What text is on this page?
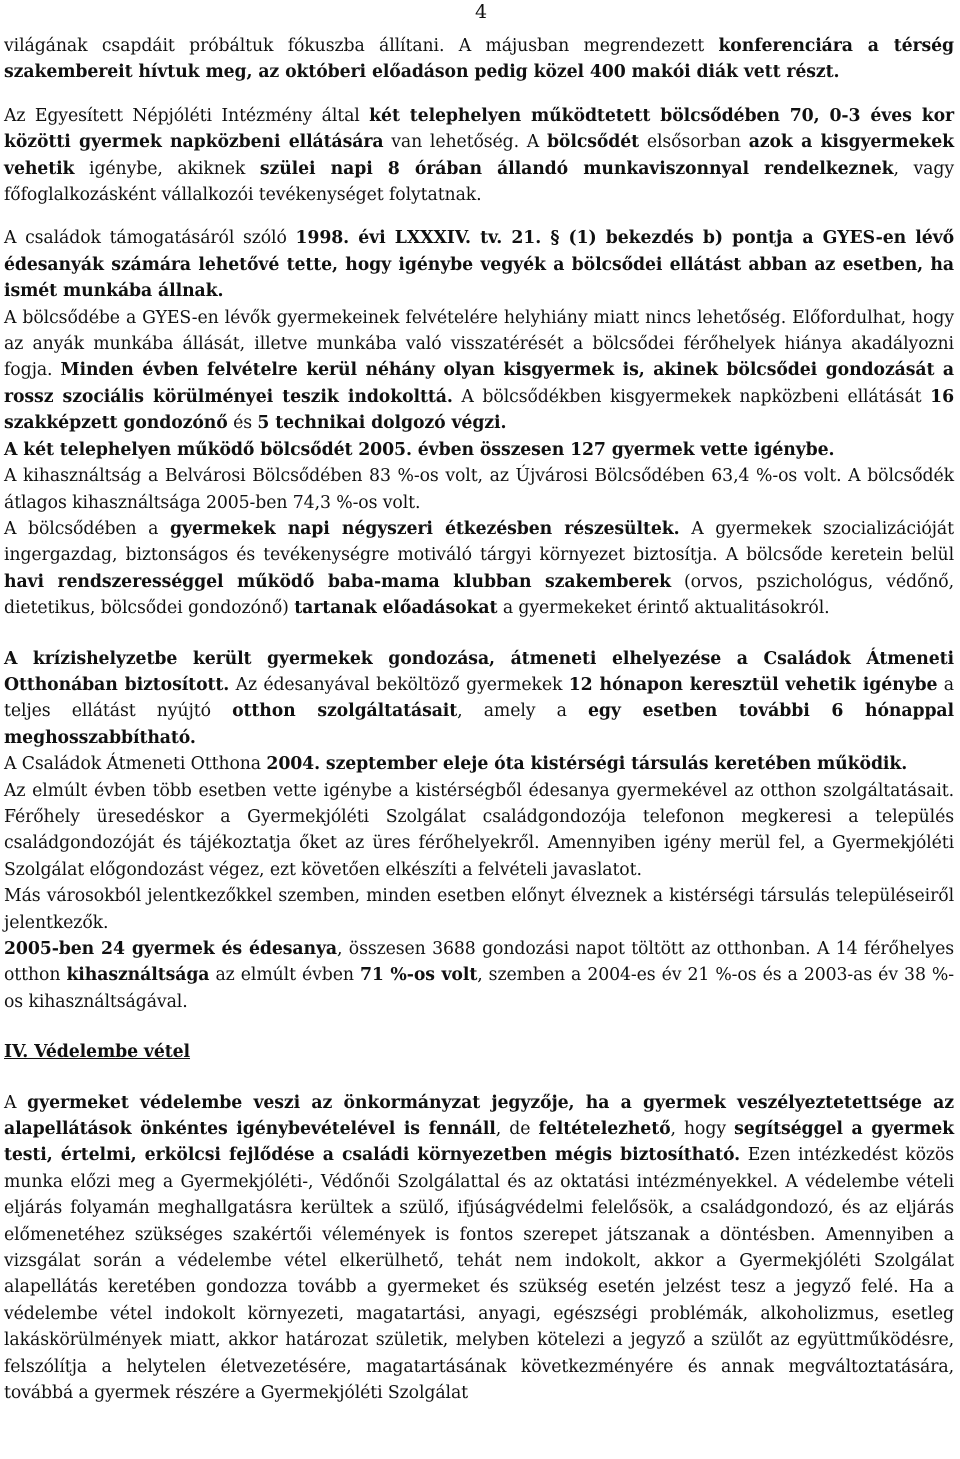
4

világának csapdáit próbáltuk fókuszba állítani. A májusban megrendezett konferenciára a térség szakembereit hívtuk meg, az októberi előadáson pedig közel 400 makói diák vett részt.

Az Egyesített Népjóléti Intézmény által két telephelyen működtetett bölcsődében 70, 0-3 éves kor közötti gyermek napközbeni ellátására van lehetőség. A bölcsődét elsősorban azok a kisgyermekek vehetik igénybe, akiknek szülei napi 8 órában állandó munkaviszonnyal rendelkeznek, vagy főfoglalkozásként vállalkozói tevékenységet folytatnak.

A családok támogatásáról szóló 1998. évi LXXXIV. tv. 21. § (1) bekezdés b) pontja a GYES-en lévő édesanyák számára lehetővé tette, hogy igénybe vegyék a bölcsődei ellátást abban az esetben, ha ismét munkába állnak.

A bölcsődébe a GYES-en lévők gyermekeinek felvételére helyhiány miatt nincs lehetőség. Előfordulhat, hogy az anyák munkába állását, illetve munkába való visszatérését a bölcsődei férőhelyek hiánya akadályozni fogja. Minden évben felvételre kerül néhány olyan kisgyermek is, akinek bölcsődei gondozását a rossz szociális körülményei teszik indokolttá. A bölcsődékben kisgyermekek napközbeni ellátását 16 szakképzett gondozónő és 5 technikai dolgozó végzi.

A két telephelyen működő bölcsődét 2005. évben összesen 127 gyermek vette igénybe.

A kihasználtság a Belvárosi Bölcsődében 83 %-os volt, az Újvárosi Bölcsődében 63,4 %-os volt. A bölcsődék átlagos kihasználtsága 2005-ben 74,3 %-os volt.

A bölcsődében a gyermekek napi négyszeri étkezésben részesültek. A gyermekek szocializációját ingergazdag, biztonságos és tevékenységre motiváló tárgyi környezet biztosítja. A bölcsőde keretein belül havi rendszerességgel működő baba-mama klubban szakemberek (orvos, pszichológus, védőnő, dietetikus, bölcsődei gondozónő) tartanak előadásokat a gyermekeket érintő aktualitásokról.

A krízishelyzetbe került gyermekek gondozása, átmeneti elhelyezése a Családok Átmeneti Otthonában biztosított. Az édesanyával beköltöző gyermekek 12 hónapon keresztül vehetik igénybe a teljes ellátást nyújtó otthon szolgáltatásait, amely a egy esetben további 6 hónappal meghosszabbítható.

A Családok Átmeneti Otthona 2004. szeptember eleje óta kistérségi társulás keretében működik.

Az elmúlt évben több esetben vette igénybe a kistérségből édesanya gyermekével az otthon szolgáltatásait. Férőhely üresedéskor a Gyermekjóléti Szolgálat családgondozója telefonon megkeresi a település családgondozóját és tájékoztatja őket az üres férőhelyekről. Amennyiben igény merül fel, a Gyermekjóléti Szolgálat előgondozást végez, ezt követően elkészíti a felvételi javaslatot.

Más városokból jelentkezőkkel szemben, minden esetben előnyt élveznek a kistérségi társulás településeiről jelentkezők.

2005-ben 24 gyermek és édesanya, összesen 3688 gondozási napot töltött az otthonban. A 14 férőhelyes otthon kihasználtsága az elmúlt évben 71 %-os volt, szemben a 2004-es év 21 %-os és a 2003-as év 38 %-os kihasználtságával.

IV. Védelembe vétel

A gyermeket védelembe veszi az önkormányzat jegyzője, ha a gyermek veszélyeztetettsége az alapellátások önkéntes igénybevételével is fennáll, de feltételezhető, hogy segítséggel a gyermek testi, értelmi, erkölcsi fejlődése a családi környezetben mégis biztosítható. Ezen intézkedést közös munka előzi meg a Gyermekjóléti-, Védőnői Szolgálattal és az oktatási intézményekkel. A védelembe vételi eljárás folyamán meghallgatásra kerültek a szülő, ifjúságvédelmi felelősök, a családgondozó, és az eljárás előmenetéhez szükséges szakértői vélemények is fontos szerepet játszanak a döntésben. Amennyiben a vizsgálat során a védelembe vétel elkerülhető, tehát nem indokolt, akkor a Gyermekjóléti Szolgálat alapellátás keretében gondozza tovább a gyermeket és szükség esetén jelzést tesz a jegyző felé. Ha a védelembe vétel indokolt környezeti, magatartási, anyagi, egészségi problémák, alkoholizmus, esetleg lakáskörülmények miatt, akkor határozat születik, melyben kötelezi a jegyző a szülőt az együttműködésre, felszólítja a helytelen életvezetésére, magatartásának következményére és annak megváltoztatására, továbbá a gyermek részére a Gyermekjóléti Szolgálat
